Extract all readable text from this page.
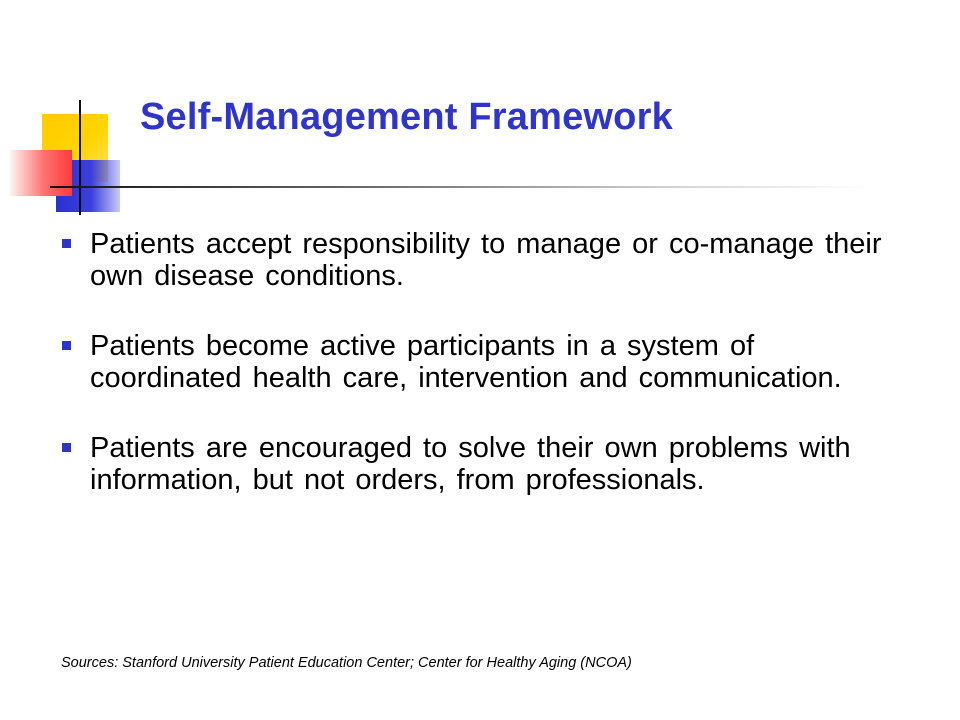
Self-Management Framework
Patients accept responsibility to manage or co-manage their own disease conditions.
Patients become active participants in a system of coordinated health care, intervention and communication.
Patients are encouraged to solve their own problems with information, but not orders, from professionals.

Sources: Stanford University Patient Education Center; Center for Healthy Aging (NCOA)
